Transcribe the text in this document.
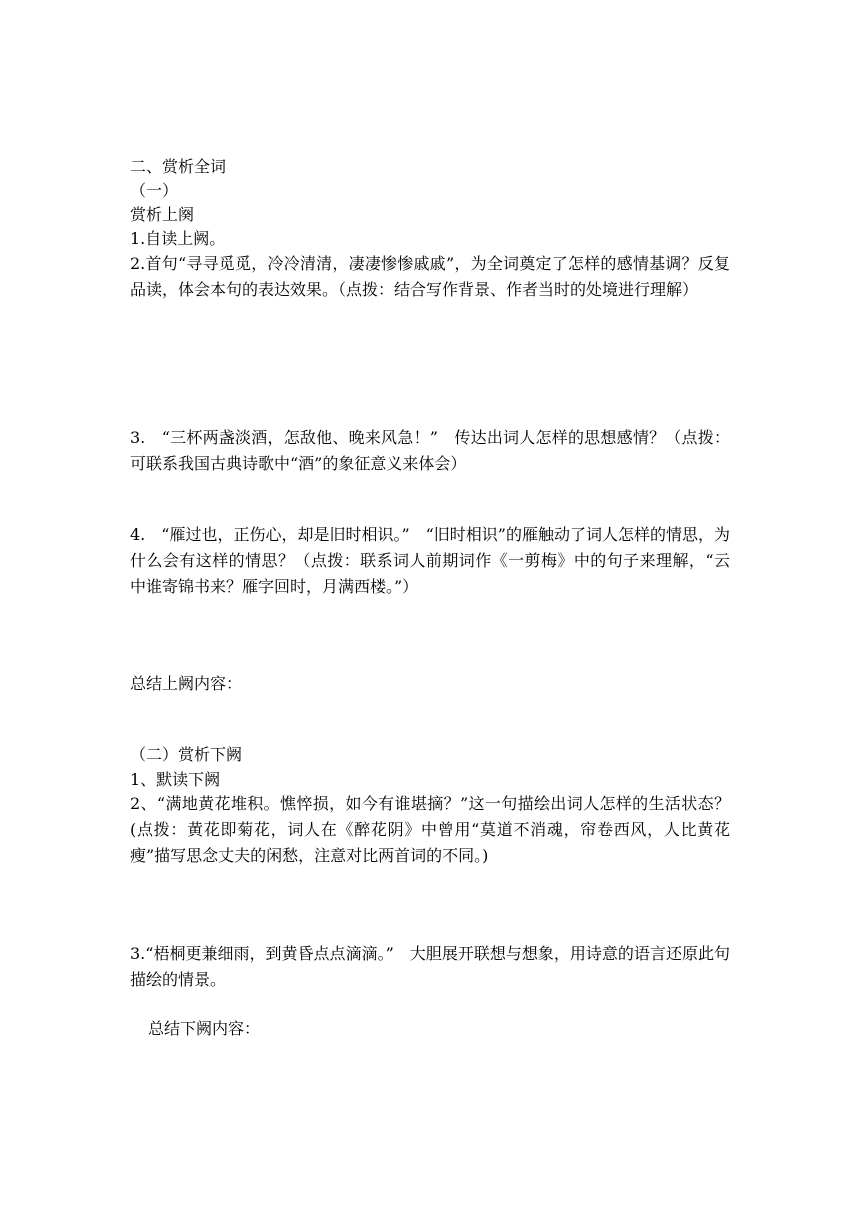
二、赏析全词
（一）
赏析上阕
1.自读上阙。
2.首句“寻寻觅觅，冷冷清清，凄凄惨惨戚戚”，为全词奠定了怎样的感情基调？反复品读，体会本句的表达效果。（点拨：结合写作背景、作者当时的处境进行理解）
3.　“三杯两盏淡酒，怎敌他、晚来风急！”　传达出词人怎样的思想感情？（点拨：可联系我国古典诗歌中“酒”的象征意义来体会）
4.　“雁过也，正伤心，却是旧时相识。”　“旧时相识”的雁触动了词人怎样的情思，为什么会有这样的情思？（点拨：联系词人前期词作《一剪梅》中的句子来理解，“云中谁寄锦书来？雁字回时，月满西楼。”）
总结上阙内容：
（二）赏析下阙
1、默读下阙
2、“满地黄花堆积。憔悴损，如今有谁堪摘？”这一句描绘出词人怎样的生活状态？　(点拨：黄花即菊花，词人在《醉花阴》中曾用“莫道不消魂，帘卷西风，人比黄花瘦”描写思念丈夫的闲愁，注意对比两首词的不同。)
3.“梧桐更兼细雨，到黄昏点点滴滴。”　大胆展开联想与想象，用诗意的语言还原此句描绘的情景。
总结下阙内容：
